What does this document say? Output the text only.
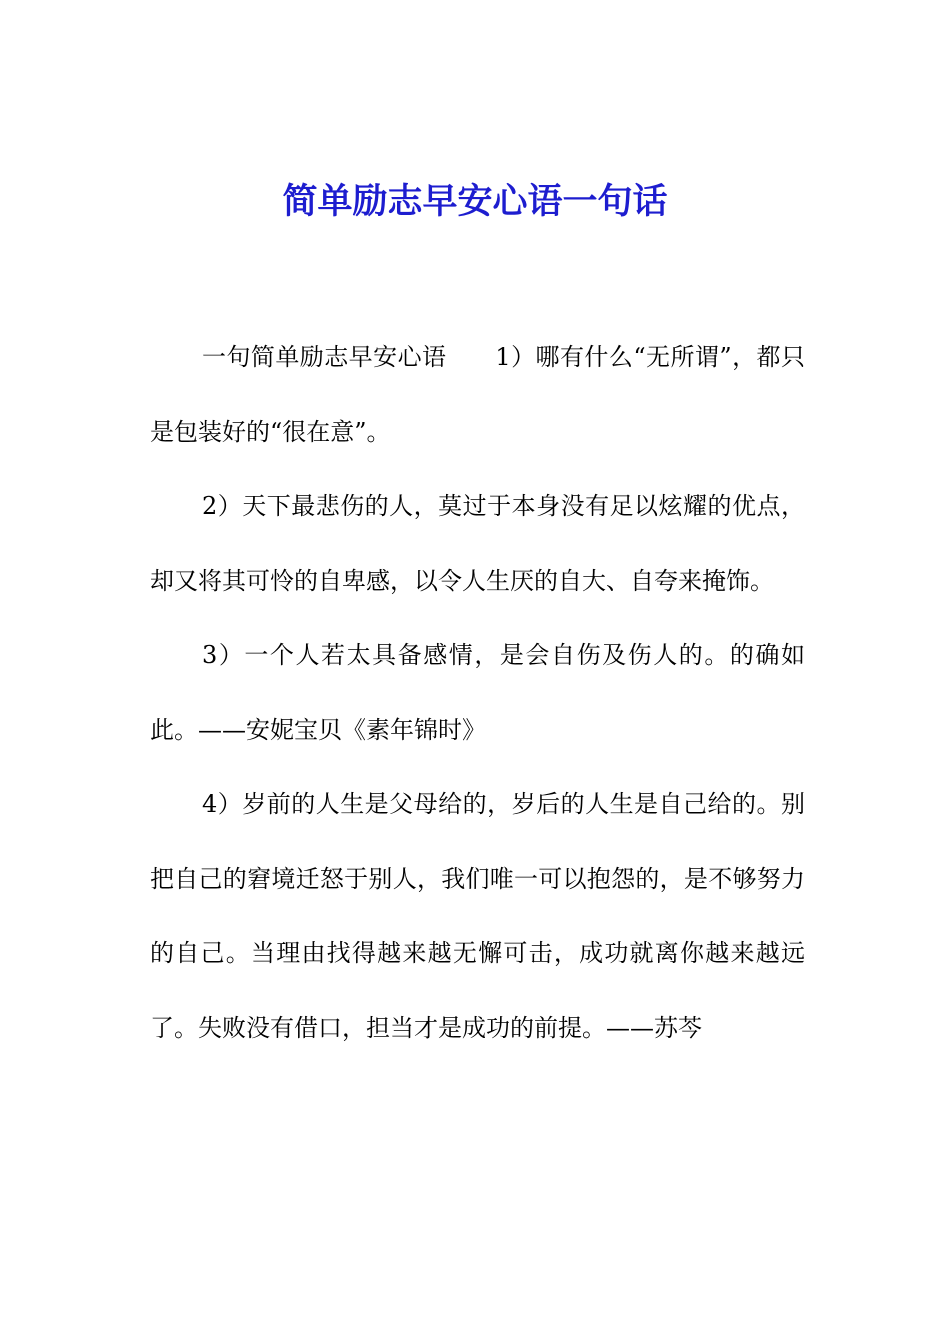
简单励志早安心语一句话

一句简单励志早安心语　　1）哪有什么“无所谓”，都只是包装好的“很在意”。

2）天下最悲伤的人，莫过于本身没有足以炫耀的优点，却又将其可怜的自卑感，以令人生厌的自大、自夸来掩饰。

3）一个人若太具备感情，是会自伤及伤人的。的确如此。——安妮宝贝《素年锦时》

4）岁前的人生是父母给的，岁后的人生是自己给的。别把自己的窘境迁怒于别人，我们唯一可以抱怨的，是不够努力的自己。当理由找得越来越无懈可击，成功就离你越来越远了。失败没有借口，担当才是成功的前提。——苏芩
